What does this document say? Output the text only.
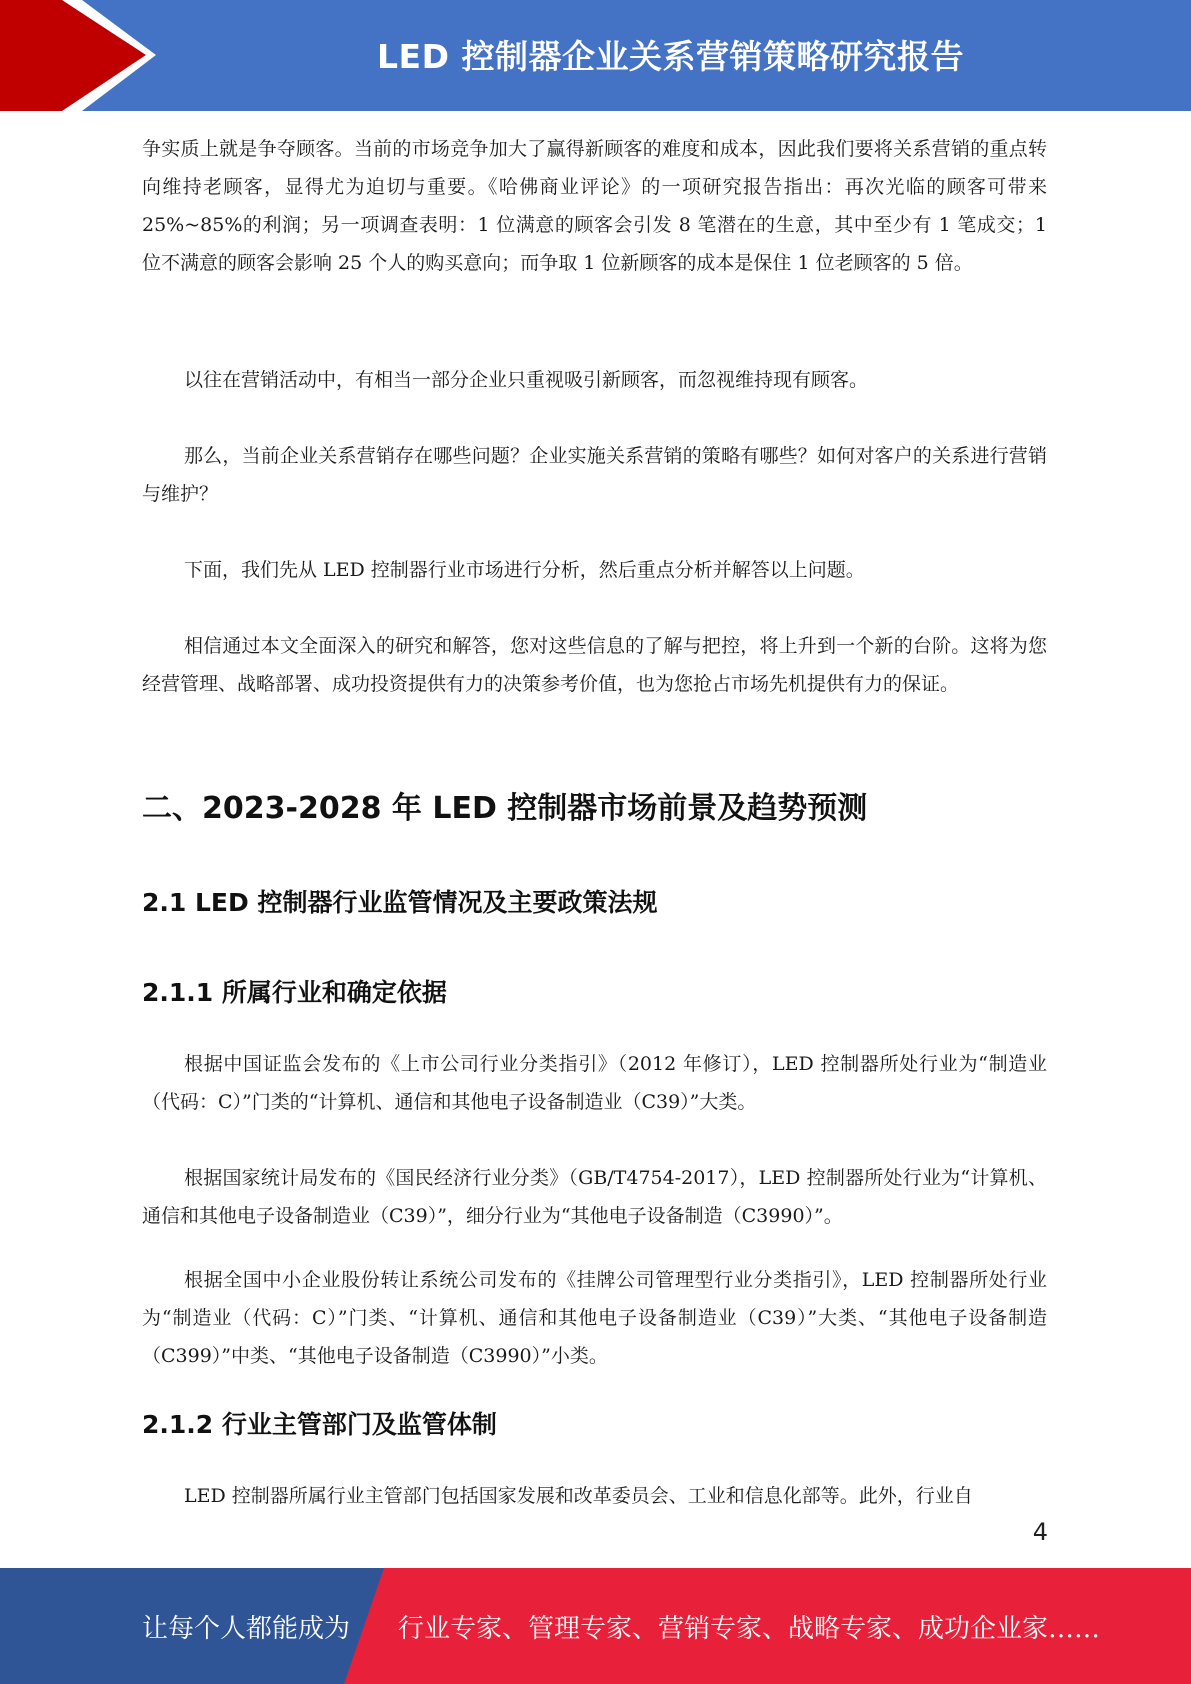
LED 控制器企业关系营销策略研究报告

争实质上就是争夺顾客。当前的市场竞争加大了赢得新顾客的难度和成本，因此我们要将关系营销的重点转向维持老顾客，显得尤为迫切与重要。《哈佛商业评论》的一项研究报告指出：再次光临的顾客可带来 25%~85%的利润；另一项调查表明：1 位满意的顾客会引发 8 笔潜在的生意，其中至少有 1 笔成交；1 位不满意的顾客会影响 25 个人的购买意向；而争取 1 位新顾客的成本是保住 1 位老顾客的 5 倍。

以往在营销活动中，有相当一部分企业只重视吸引新顾客，而忽视维持现有顾客。

那么，当前企业关系营销存在哪些问题？企业实施关系营销的策略有哪些？如何对客户的关系进行营销与维护？

下面，我们先从 LED 控制器行业市场进行分析，然后重点分析并解答以上问题。

相信通过本文全面深入的研究和解答，您对这些信息的了解与把控，将上升到一个新的台阶。这将为您经营管理、战略部署、成功投资提供有力的决策参考价值，也为您抢占市场先机提供有力的保证。

二、2023-2028 年 LED 控制器市场前景及趋势预测
2.1 LED 控制器行业监管情况及主要政策法规
2.1.1 所属行业和确定依据

根据中国证监会发布的《上市公司行业分类指引》（2012 年修订），LED 控制器所处行业为“制造业（代码：C）”门类的“计算机、通信和其他电子设备制造业（C39）”大类。

根据国家统计局发布的《国民经济行业分类》（GB/T4754-2017），LED 控制器所处行业为“计算机、通信和其他电子设备制造业（C39）”，细分行业为“其他电子设备制造（C3990）”。

根据全国中小企业股份转让系统公司发布的《挂牌公司管理型行业分类指引》，LED 控制器所处行业为“制造业（代码：C）”门类、“计算机、通信和其他电子设备制造业（C39）”大类、“其他电子设备制造（C399）”中类、“其他电子设备制造（C3990）”小类。

2.1.2 行业主管部门及监管体制

LED 控制器所属行业主管部门包括国家发展和改革委员会、工业和信息化部等。此外，行业自

4
让每个人都能成为 行业专家、管理专家、营销专家、战略专家、成功企业家……
